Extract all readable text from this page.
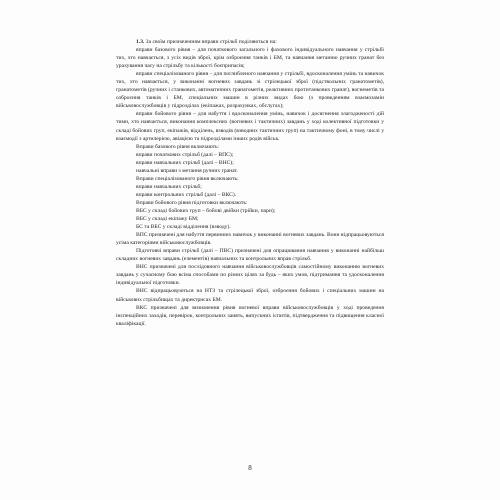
1.3. За своїм призначенням вправи стрільб поділяються на:

вправи базового рівня – для початкового загального і фахового індивідуального навчання у стрільбі тих, хто навчається, з усіх видів зброї, крім озброєння танків і БМ, та навчання метанню ручних гранат без урахування часу на стрільбу та кількості боєприпасів;

вправи спеціалізованого рівня – для поглибленого навчання у стрільбі, вдосконалення умінь та навичок тих, хто навчається, у виконанні вогневих завдань зі стрілецької зброї (підствольних гранатометів), гранатометів (ручних і станкових, автоматичних гранатометів, реактивних протитанкових гранат), вогнеметів та озброєння танків і БМ, спеціальних машин в різних видах бою (з проведенням взаємозамін військовослужбовців у підрозділах (екіпажах, розрахунках, обслугах);

вправи бойового рівня – для набуття і вдосконалення умінь, навичок і досягнення злагодженості дій тими, хто навчається, виконання комплексних (вогневих і тактичних) завдань у ході колективної підготовки у складі бойових груп, екіпажів, відділень, взводів (взводних тактичних груп) на тактичному фоні, в тому числі у взаємодії з артилерією, авіацією та підрозділами інших родів військ.

Вправи базового рівня включають:

вправи початкових стрільб (далі – ВПС);

вправи навчальних стрільб (далі – ВНС);

навчальні вправи з метання ручних гранат.

Вправи спеціалізованого рівня включають:

вправи навчальних стрільб;

вправи контрольних стрільб (далі – ВКС).

Вправи бойового рівня підготовки включають:

ВБС у складі бойових груп – бойові двійки (трійки, пари);

ВБС у складі екіпажу БМ;

БС та ВБС у складі відділення (взводу).

ВПС призначені для набуття первинних навичок у виконанні вогневих завдань. Вони відпрацьовуються усіма категоріями військовослужбовців.

Підготовчі вправи стрільб (далі – ПВС) призначені для опрацювання навчання у виконанні найбільш складних вогневих завдань (елементів) навчальних та контрольних вправ стрільб.

ВНС призначені для послідовного навчання військовослужбовців самостійному виконанню вогневих завдань у сучасному бою всіма способами по різних цілях за будь – яких умов, підтримання та удосконалення індивідуальної підготовки.

ВНС відпрацьовуються на НТЗ та стрілецької зброї, озброєння бойових і спеціальних машин на військових стрільбищах та директрисах БМ.

ВКС призначені для визначення рівня вогневої вправи військовослужбовців у ході проведення інспекційних заходів, перевірок, контрольних занять, випускних іспитів, підтвердження та підвищення класної кваліфікації.

8
